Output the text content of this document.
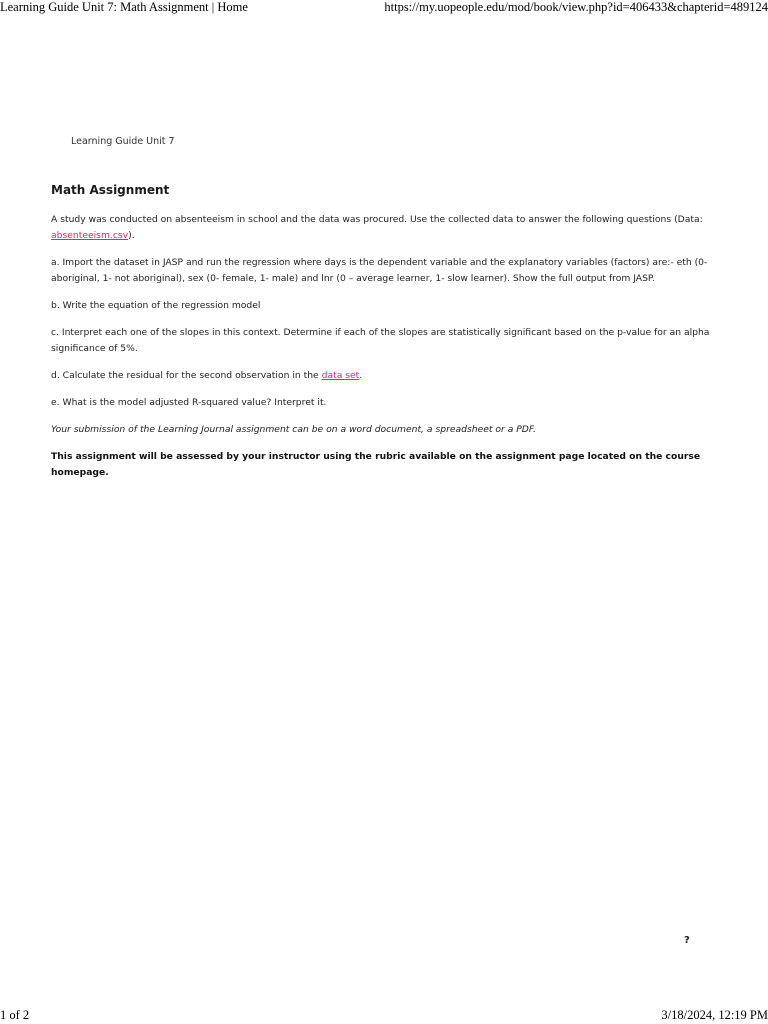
Learning Guide Unit 7: Math Assignment | Home	https://my.uopeople.edu/mod/book/view.php?id=406433&chapterid=489124
Learning Guide Unit 7
Math Assignment

A study was conducted on absenteeism in school and the data was procured. Use the collected data to answer the following questions (Data: absenteeism.csv).

a. Import the dataset in JASP and run the regression where days is the dependent variable and the explanatory variables (factors) are:- eth (0- aboriginal, 1- not aboriginal), sex (0- female, 1- male) and lnr (0 – average learner, 1- slow learner). Show the full output from JASP.

b. Write the equation of the regression model

c. Interpret each one of the slopes in this context. Determine if each of the slopes are statistically significant based on the p-value for an alpha significance of 5%.

d. Calculate the residual for the second observation in the data set.

e. What is the model adjusted R-squared value? Interpret it.

Your submission of the Learning Journal assignment can be on a word document, a spreadsheet or a PDF.

This assignment will be assessed by your instructor using the rubric available on the assignment page located on the course homepage.

?
1 of 2	3/18/2024, 12:19 PM
